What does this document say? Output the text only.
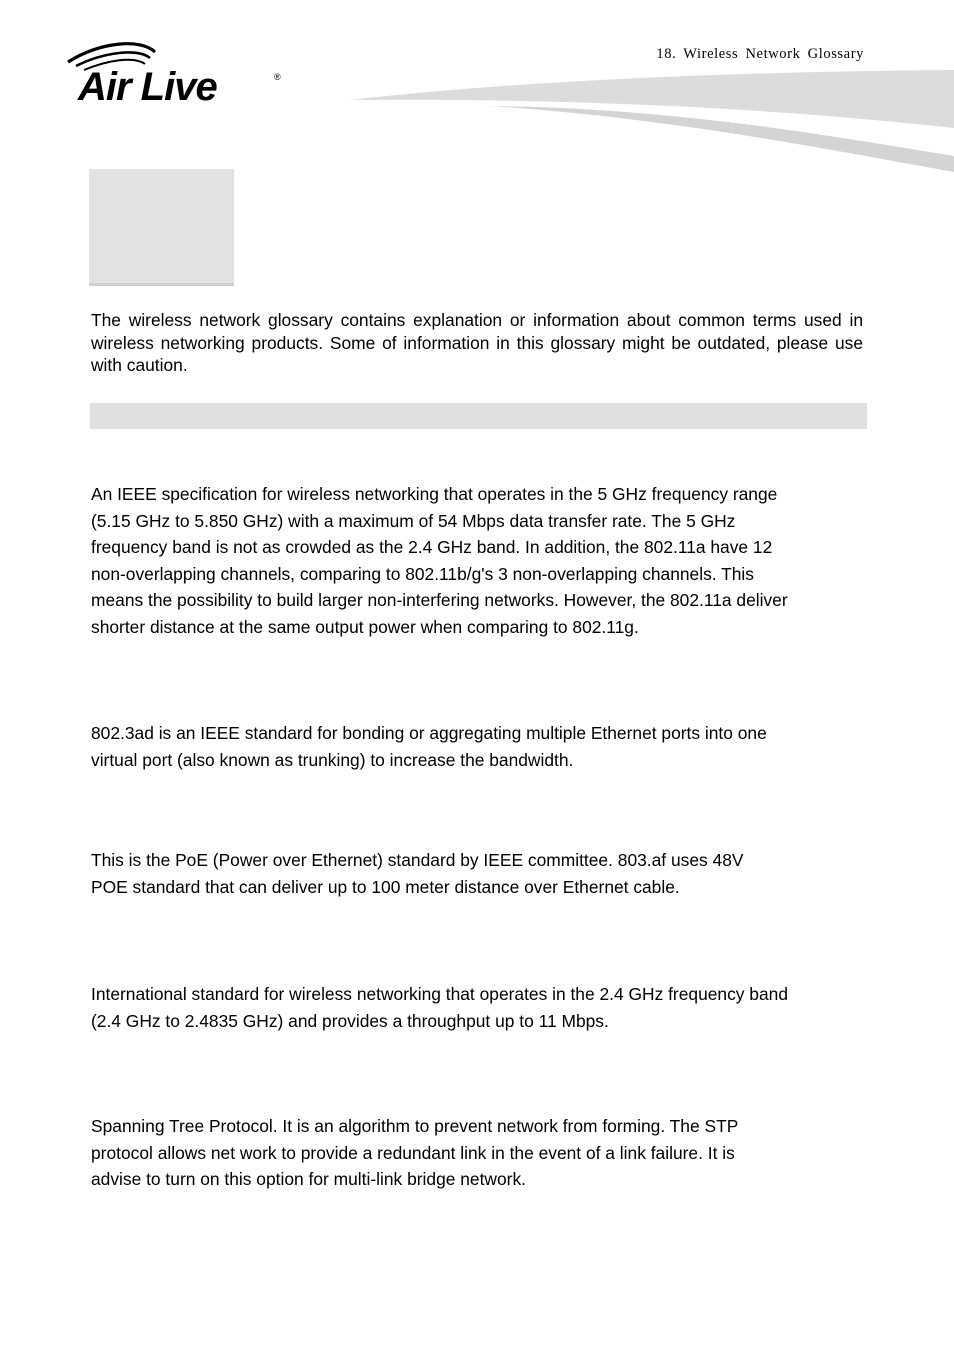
18. Wireless Network Glossary
Air Live	®

The wireless network glossary contains explanation or information about common terms used in wireless networking products. Some of information in this glossary might be outdated, please use with caution.

An IEEE specification for wireless networking that operates in the 5 GHz frequency range
(5.15 GHz to 5.850 GHz) with a maximum of 54 Mbps data transfer rate. The 5 GHz
frequency band is not as crowded as the 2.4 GHz band. In addition, the 802.11a have 12
non-overlapping channels, comparing to 802.11b/g's 3 non-overlapping channels. This
means the possibility to build larger non-interfering networks. However, the 802.11a deliver
shorter distance at the same output power when comparing to 802.11g.
802.3ad is an IEEE standard for bonding or aggregating multiple Ethernet ports into one
virtual port (also known as trunking) to increase the bandwidth.
This is the PoE (Power over Ethernet) standard by IEEE committee. 803.af uses 48V
POE standard that can deliver up to 100 meter distance over Ethernet cable.
International standard for wireless networking that operates in the 2.4 GHz frequency band
(2.4 GHz to 2.4835 GHz) and provides a throughput up to 11 Mbps.
Spanning Tree Protocol. It is an algorithm to prevent network from forming. The STP
protocol allows net work to provide a redundant link in the event of a link failure. It is
advise to turn on this option for multi-link bridge network.
